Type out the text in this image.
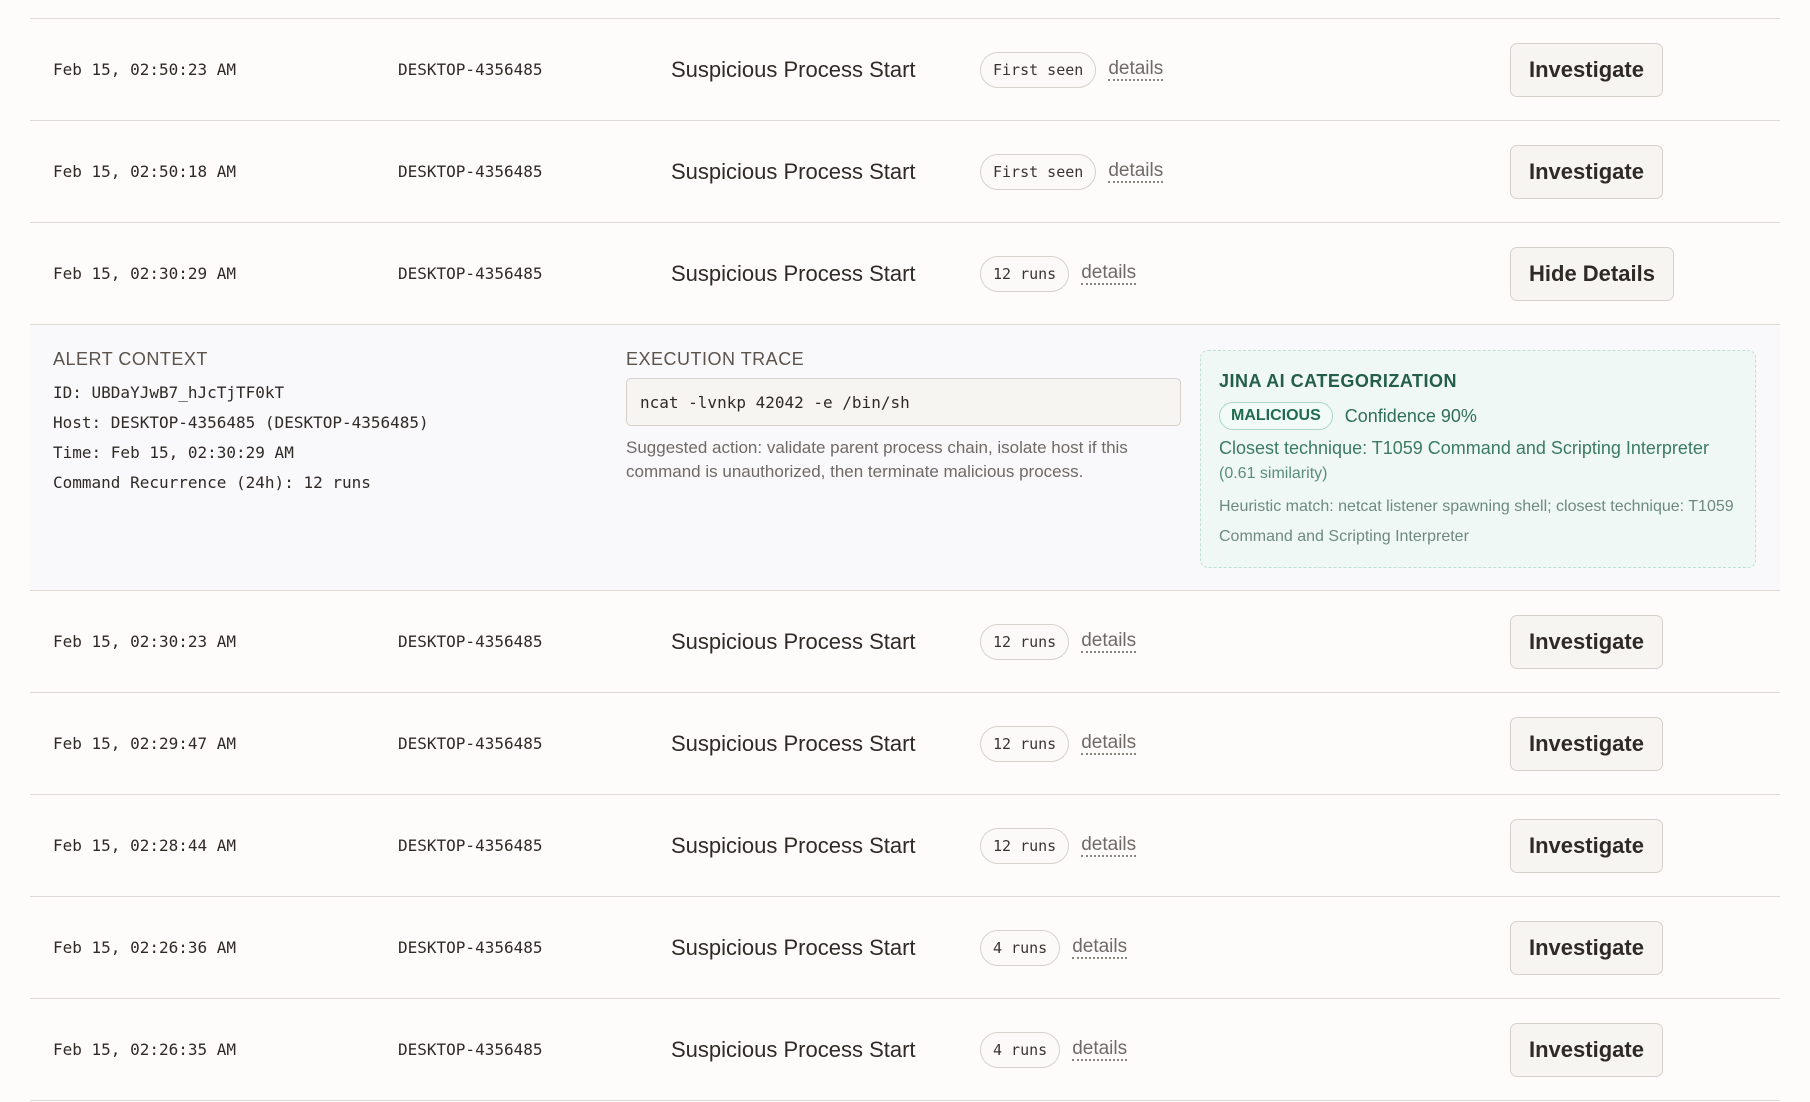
Feb 15, 02:50:23 AM	DESKTOP-4356485	Suspicious Process Start	First seen	details	Investigate
Feb 15, 02:50:18 AM	DESKTOP-4356485	Suspicious Process Start	First seen	details	Investigate
Feb 15, 02:30:29 AM	DESKTOP-4356485	Suspicious Process Start	12 runs	details	Hide Details
ALERT CONTEXT
ID: UBDaYJwB7_hJcTjTF0kT
Host: DESKTOP-4356485 (DESKTOP-4356485)
Time: Feb 15, 02:30:29 AM
Command Recurrence (24h): 12 runs
EXECUTION TRACE
ncat -lvnkp 42042 -e /bin/sh
Suggested action: validate parent process chain, isolate host if this command is unauthorized, then terminate malicious process.
JINA AI CATEGORIZATION
MALICIOUS	Confidence 90%
Closest technique: T1059 Command and Scripting Interpreter (0.61 similarity)
Heuristic match: netcat listener spawning shell; closest technique: T1059 Command and Scripting Interpreter
Feb 15, 02:30:23 AM	DESKTOP-4356485	Suspicious Process Start	12 runs	details	Investigate
Feb 15, 02:29:47 AM	DESKTOP-4356485	Suspicious Process Start	12 runs	details	Investigate
Feb 15, 02:28:44 AM	DESKTOP-4356485	Suspicious Process Start	12 runs	details	Investigate
Feb 15, 02:26:36 AM	DESKTOP-4356485	Suspicious Process Start	4 runs	details	Investigate
Feb 15, 02:26:35 AM	DESKTOP-4356485	Suspicious Process Start	4 runs	details	Investigate
